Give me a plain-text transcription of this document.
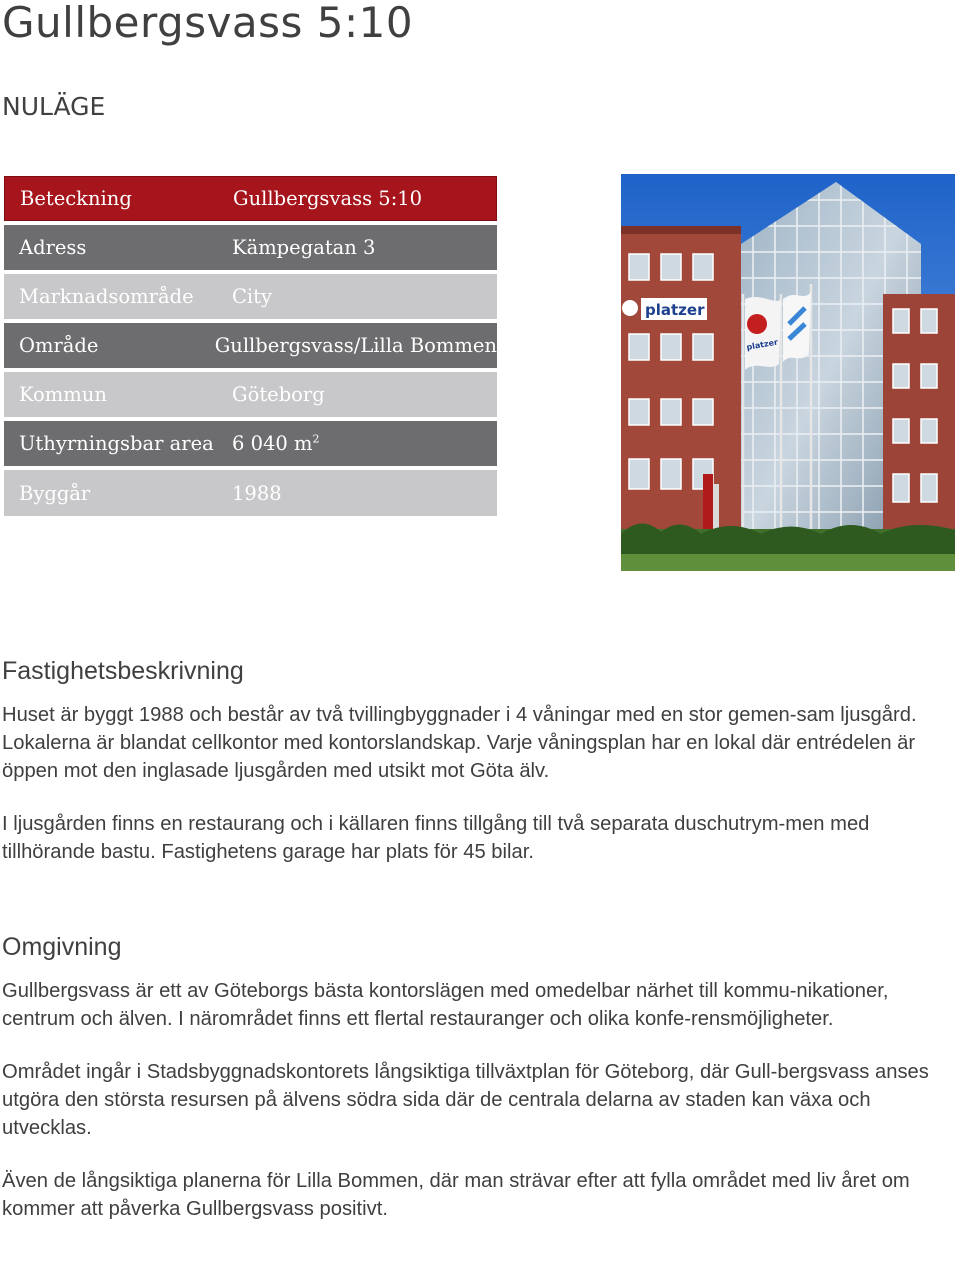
Gullbergsvass 5:10
NULÄGE
Beteckning	Gullbergsvass 5:10
Adress	Kämpegatan 3
Marknadsområde	City
Område	Gullbergsvass/Lilla Bommen
Kommun	Göteborg
Uthyrningsbar area 6 040 $m^2$
Byggår	1988
platzer
platzer
Fastighetsbeskrivning

Huset är byggt 1988 och består av två tvillingbyggnader i 4 våningar med en stor gemen-sam ljusgård. Lokalerna är blandat cellkontor med kontorslandskap. Varje våningsplan har en lokal där entrédelen är öppen mot den inglasade ljusgården med utsikt mot Göta älv.

I ljusgården finns en restaurang och i källaren finns tillgång till två separata duschutrym-men med tillhörande bastu. Fastighetens garage har plats för 45 bilar.

Omgivning

Gullbergsvass är ett av Göteborgs bästa kontorslägen med omedelbar närhet till kommu-nikationer, centrum och älven. I närområdet finns ett flertal restauranger och olika konfe-rensmöjligheter.

Området ingår i Stadsbyggnadskontorets långsiktiga tillväxtplan för Göteborg, där Gull-bergsvass anses utgöra den största resursen på älvens södra sida där de centrala delarna av staden kan växa och utvecklas.

Även de långsiktiga planerna för Lilla Bommen, där man strävar efter att fylla området med liv året om kommer att påverka Gullbergsvass positivt.
